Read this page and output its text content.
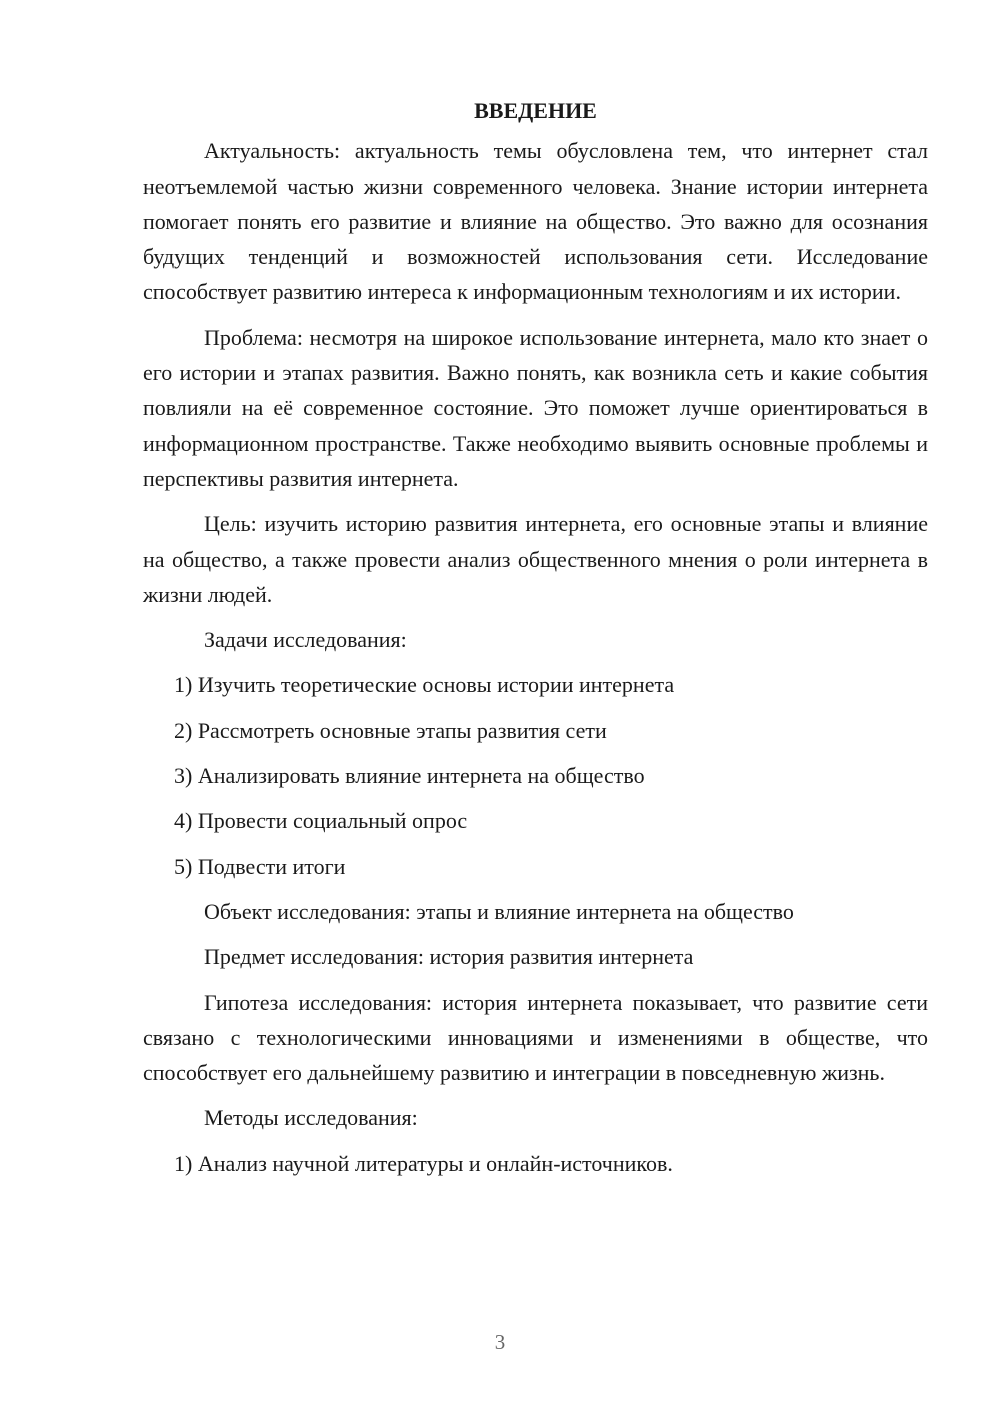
ВВЕДЕНИЕ
Актуальность: актуальность темы обусловлена тем, что интернет стал неотъемлемой частью жизни современного человека. Знание истории интернета помогает понять его развитие и влияние на общество. Это важно для осознания будущих тенденций и возможностей использования сети. Исследование способствует развитию интереса к информационным технологиям и их истории.
Проблема: несмотря на широкое использование интернета, мало кто знает о его истории и этапах развития. Важно понять, как возникла сеть и какие события повлияли на её современное состояние. Это поможет лучше ориентироваться в информационном пространстве. Также необходимо выявить основные проблемы и перспективы развития интернета.
Цель: изучить историю развития интернета, его основные этапы и влияние на общество, а также провести анализ общественного мнения о роли интернета в жизни людей.
Задачи исследования:
1) Изучить теоретические основы истории интернета
2) Рассмотреть основные этапы развития сети
3) Анализировать влияние интернета на общество
4) Провести социальный опрос
5) Подвести итоги
Объект исследования: этапы и влияние интернета на общество
Предмет исследования: история развития интернета
Гипотеза исследования: история интернета показывает, что развитие сети связано с технологическими инновациями и изменениями в обществе, что способствует его дальнейшему развитию и интеграции в повседневную жизнь.
Методы исследования:
1) Анализ научной литературы и онлайн-источников.
3
